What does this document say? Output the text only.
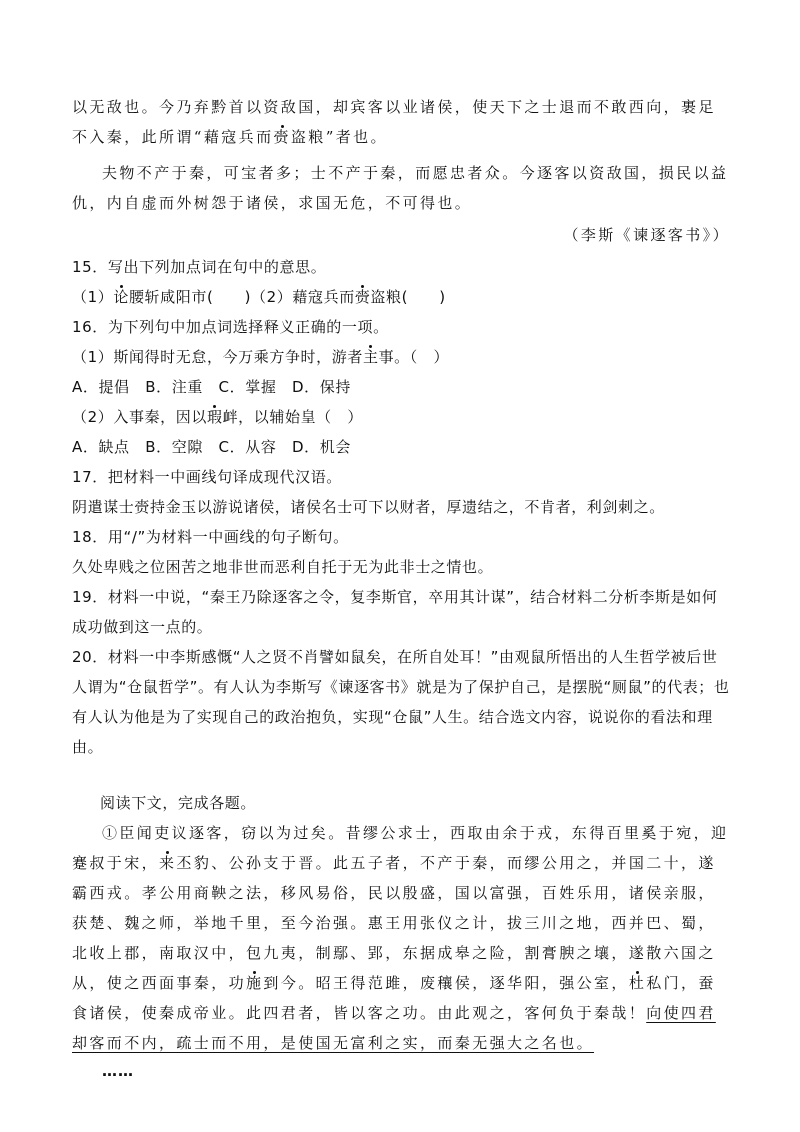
以无敌也。今乃弃黔首以资敌国，却宾客以业诸侯，使天下之士退而不敢西向，裹足不入秦，此所谓“藉寇兵而赍盗粮”者也。

夫物不产于秦，可宝者多；士不产于秦，而愿忠者众。今逐客以资敌国，损民以益仇，内自虚而外树怨于诸侯，求国无危，不可得也。

（李斯《谏逐客书》）

15．写出下列加点词在句中的意思。

（1）论腰斩咸阳市(　　)（2）藉寇兵而赍盗粮(　　)

16．为下列句中加点词选择释义正确的一项。

（1）斯闻得时无怠，今万乘方争时，游者主事。（　）

A．提倡　B．注重　C．掌握　D．保持

（2）入事秦，因以瑕衅，以辅始皇（　）

A．缺点　B．空隙　C．从容　D．机会

17．把材料一中画线句译成现代汉语。

阴遣谋士赍持金玉以游说诸侯，诸侯名士可下以财者，厚遗结之，不肯者，利剑刺之。

18．用“/”为材料一中画线的句子断句。

久处卑贱之位困苦之地非世而恶利自托于无为此非士之情也。

19．材料一中说，“秦王乃除逐客之令，复李斯官，卒用其计谋”，结合材料二分析李斯是如何成功做到这一点的。

20．材料一中李斯感慨“人之贤不肖譬如鼠矣，在所自处耳！”由观鼠所悟出的人生哲学被后世人谓为“仓鼠哲学”。有人认为李斯写《谏逐客书》就是为了保护自己，是摆脱“厕鼠”的代表；也有人认为他是为了实现自己的政治抱负，实现“仓鼠”人生。结合选文内容，说说你的看法和理由。

阅读下文，完成各题。

①臣闻吏议逐客，窃以为过矣。昔缪公求士，西取由余于戎，东得百里奚于宛，迎蹇叔于宋，来丕豹、公孙支于晋。此五子者，不产于秦，而缪公用之，并国二十，遂霸西戎。孝公用商鞅之法，移风易俗，民以殷盛，国以富强，百姓乐用，诸侯亲服，获楚、魏之师，举地千里，至今治强。惠王用张仪之计，拔三川之地，西并巴、蜀，北收上郡，南取汉中，包九夷，制鄢、郢，东据成皋之险，割膏腴之壤，遂散六国之从，使之西面事秦，功施到今。昭王得范雎，废穰侯，逐华阳，强公室，杜私门，蚕食诸侯，使秦成帝业。此四君者，皆以客之功。由此观之，客何负于秦哉！向使四君却客而不内，疏士而不用，是使国无富利之实，而秦无强大之名也。

……
